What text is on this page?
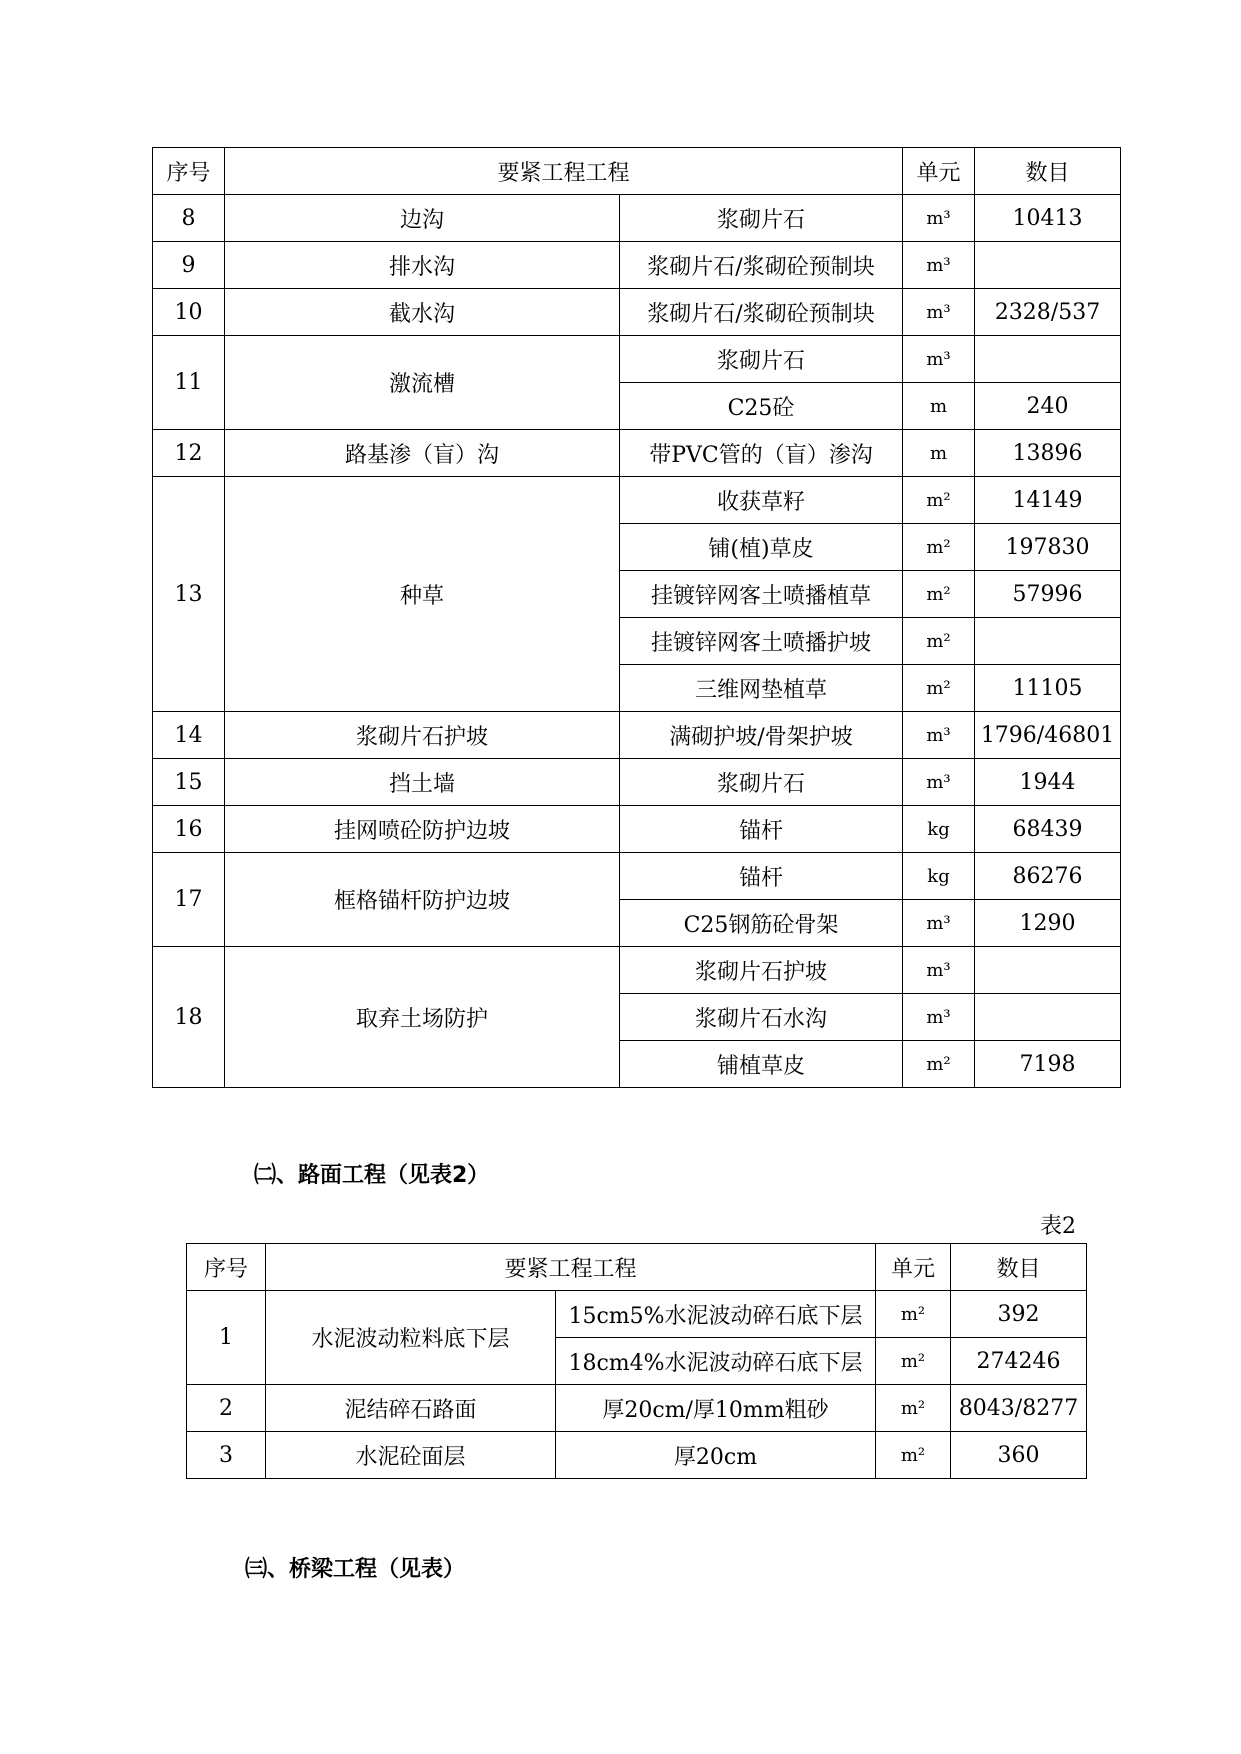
序号	要紧工程工程		单元	数目
8	边沟	浆砌片石	m³	10413
9	排水沟	浆砌片石/浆砌砼预制块	m³	
10	截水沟	浆砌片石/浆砌砼预制块	m³	2328/537
11	激流槽	浆砌片石	m³	
		C25砼	m	240
12	路基渗（盲）沟	带PVC管的（盲）渗沟	m	13896
13	种草	收获草籽	m²	14149
		铺(植)草皮	m²	197830
		挂镀锌网客土喷播植草	m²	57996
		挂镀锌网客土喷播护坡	m²	
		三维网垫植草	m²	11105
14	浆砌片石护坡	满砌护坡/骨架护坡	m³	1796/46801
15	挡土墙	浆砌片石	m³	1944
16	挂网喷砼防护边坡	锚杆	kg	68439
17	框格锚杆防护边坡	锚杆	kg	86276
		C25钢筋砼骨架	m³	1290
18	取弃土场防护	浆砌片石护坡	m³	
		浆砌片石水沟	m³	
		铺植草皮	m²	7198
㈡、路面工程（见表2）
表2
序号	要紧工程工程		单元	数目
1	水泥波动粒料底下层	15cm5%水泥波动碎石底下层	m²	392
		18cm4%水泥波动碎石底下层	m²	274246
2	泥结碎石路面	厚20cm/厚10mm粗砂	m²	8043/8277
3	水泥砼面层	厚20cm	m²	360
㈢、桥梁工程（见表）
